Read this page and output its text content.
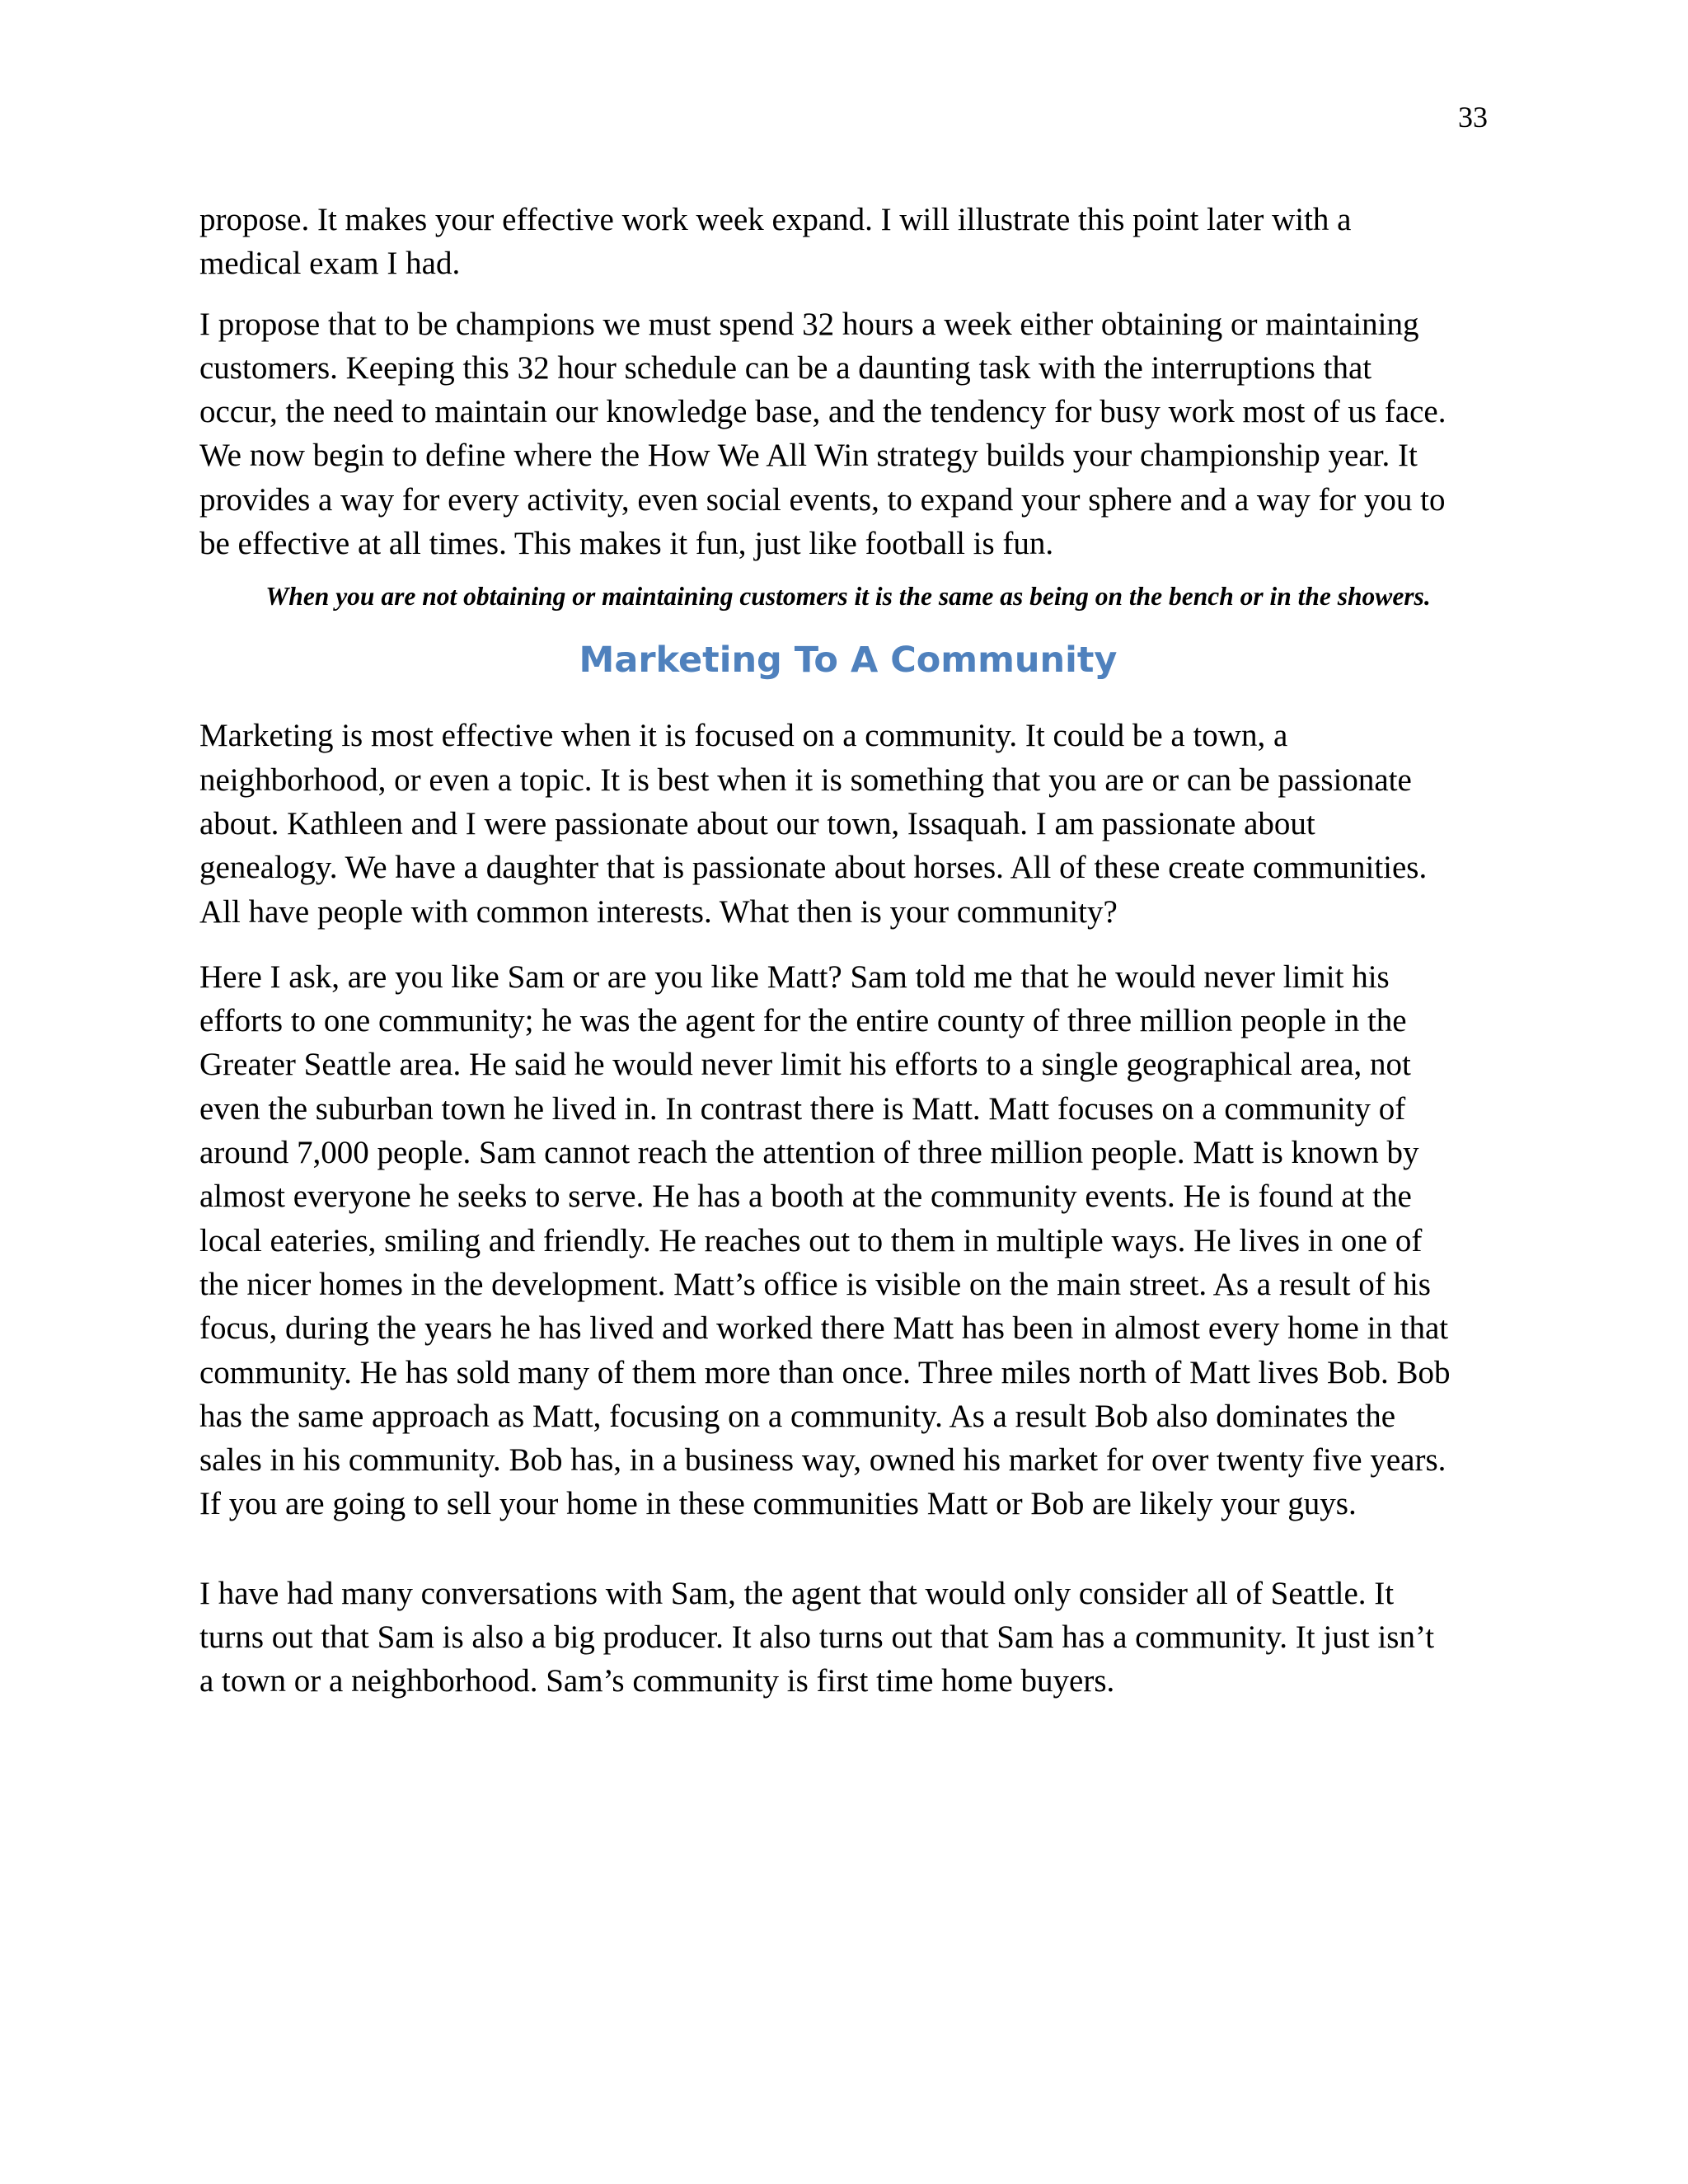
33

propose. It makes your effective work week expand. I will illustrate this point later with a
medical exam I had.

I propose that to be champions we must spend 32 hours a week either obtaining or maintaining
customers. Keeping this 32 hour schedule can be a daunting task with the interruptions that
occur, the need to maintain our knowledge base, and the tendency for busy work most of us face.
We now begin to define where the How We All Win strategy builds your championship year. It
provides a way for every activity, even social events, to expand your sphere and a way for you to
be effective at all times. This makes it fun, just like football is fun.

When you are not obtaining or maintaining customers it is the same as being on the bench or in the showers.

Marketing To A Community

Marketing is most effective when it is focused on a community. It could be a town, a
neighborhood, or even a topic. It is best when it is something that you are or can be passionate
about. Kathleen and I were passionate about our town, Issaquah. I am passionate about
genealogy. We have a daughter that is passionate about horses. All of these create communities.
All have people with common interests. What then is your community?

Here I ask, are you like Sam or are you like Matt? Sam told me that he would never limit his
efforts to one community; he was the agent for the entire county of three million people in the
Greater Seattle area. He said he would never limit his efforts to a single geographical area, not
even the suburban town he lived in. In contrast there is Matt. Matt focuses on a community of
around 7,000 people. Sam cannot reach the attention of three million people. Matt is known by
almost everyone he seeks to serve. He has a booth at the community events. He is found at the
local eateries, smiling and friendly. He reaches out to them in multiple ways. He lives in one of
the nicer homes in the development. Matt’s office is visible on the main street. As a result of his
focus, during the years he has lived and worked there Matt has been in almost every home in that
community. He has sold many of them more than once. Three miles north of Matt lives Bob. Bob
has the same approach as Matt, focusing on a community. As a result Bob also dominates the
sales in his community. Bob has, in a business way, owned his market for over twenty five years.
If you are going to sell your home in these communities Matt or Bob are likely your guys.

I have had many conversations with Sam, the agent that would only consider all of Seattle. It
turns out that Sam is also a big producer. It also turns out that Sam has a community. It just isn’t
a town or a neighborhood. Sam’s community is first time home buyers.
